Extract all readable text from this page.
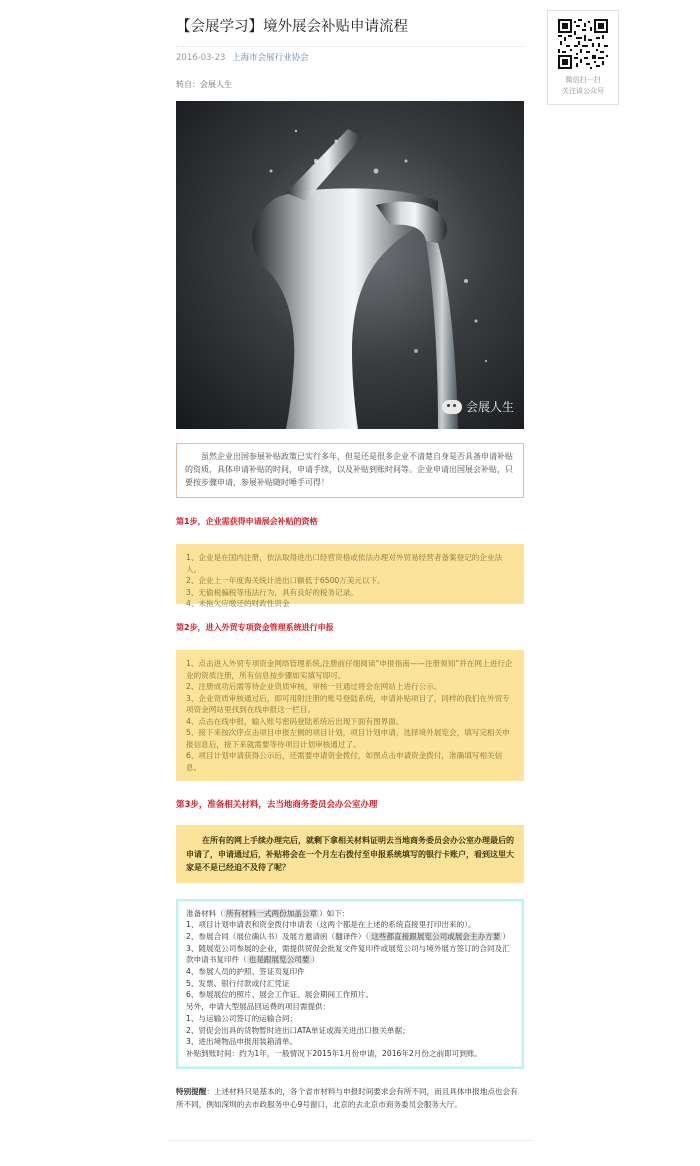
【会展学习】境外展会补贴申请流程
2016-03-23 上海市会展行业协会
转自：会展人生
会展人生
虽然企业出国参展补贴政策已实行多年，但是还是很多企业不清楚自身是否具备申请补贴的资质，具体申请补贴的时间，申请手续，以及补贴到账时间等。企业申请出国展会补贴，只要按步骤申请，参展补贴随时唾手可得！
第1步，企业需获得申请展会补贴的资格

1、企业是在国内注册，依法取得进出口经营资格或依法办理对外贸易经营者备案登记的企业法人。

2、企业上一年度海关统计进出口额低于6500万美元以下。

3、无偷税骗税等违法行为，具有良好的税务记录。

4、未拖欠应缴还的财政性资金

第2步，进入外贸专项资金管理系统进行申报

1、点击进入外贸专项资金网络管理系统,注册前仔细阅读“申报指南——注册须知”并在网上进行企业的资质注册，所有信息按步骤如实填写即可。

2、注册成功后需等待企业资质审核，审核一旦通过将会在网站上进行公示。

3、企业资质审核通过后，即可用附注册的账号登陆系统，申请补贴项目了，同样的我们在外贸专项资金网站里找到在线申报这一栏目。

4、点击在线申报，输入账号密码登陆系统后出现下面有图界面。

5、接下来按次序点击项目申报左侧的项目计划，项目计划申请，选择境外展览会，填写完相关申报信息后，接下来就需要等待项目计划审核通过了。

6、项目计划申请获得公示后，还需要申请资金拨付，如图点击申请资金拨付，准确填写相关信息。

第3步，准备相关材料，去当地商务委员会办公室办理
在所有的网上手续办理完后，就剩下拿相关材料证明去当地商务委员会办公室办理最后的申请了，申请通过后，补贴将会在一个月左右拨付至申报系统填写的银行卡账户，看到这里大家是不是已经迫不及待了呢？

准备材料（ 所有材料一式两份加盖公章 ）如下：

1、项目计划申请表和资金拨付申请表（这两个都是在上述的系统直接里打印出来的）。

2、参展合同（展位确认书）及展方邀请函（翻译件）（ 这些都直接跟展览公司或展会主办方要 ）

3、随展览公司参展的企业，需提供贸促会批复文件复印件或展览公司与境外展方签订的合同及汇款申请书复印件（ 也是跟展览公司要 ）

4、参展人员的护照、签证页复印件

5、发票、银行付款或付汇凭证

6、参展展位的照片、展会工作证、展会期间工作照片。

另外，申请大型展品回运费的项目需提供：

1、与运输公司签订的运输合同；

2、贸促会出具的货物暂时进出口ATA单证或海关进出口报关单据；

3、进出境物品申报用装箱清单。

补贴到账时间：约为1年，一般情况下2015年1月份申请，2016年2月份之前即可到账。

特别提醒：上述材料只是基本的，各个省市材料与申报时间要求会有所不同，而且具体申报地点也会有所不同，例如深圳的去市政服务中心9号窗口，北京的去北京市商务委员会服务大厅。
微信扫一扫
关注该公众号
